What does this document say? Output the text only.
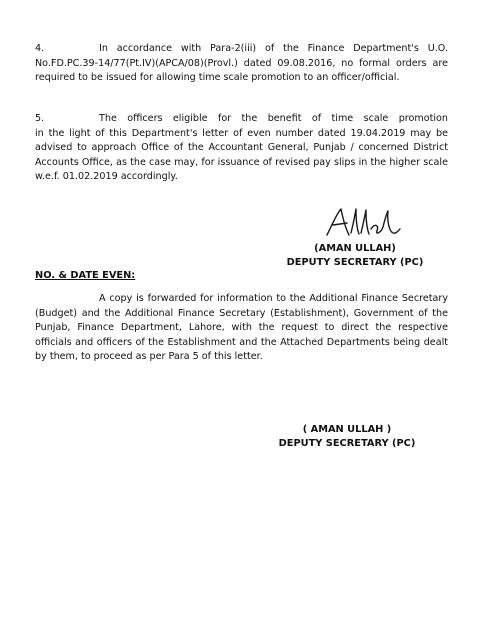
4.	In accordance with Para-2(iii) of the Finance Department's U.O.
No.FD.PC.39-14/77(Pt.IV)(APCA/08)(Provl.) dated 09.08.2016, no formal orders are required to be issued for allowing time scale promotion to an officer/official.
5.	The officers eligible for the benefit of time scale promotion
in the light of this Department's letter of even number dated 19.04.2019 may be advised to approach Office of the Accountant General, Punjab / concerned District Accounts Office, as the case may, for issuance of revised pay slips in the higher scale w.e.f. 01.02.2019 accordingly.
(AMAN ULLAH)
DEPUTY SECRETARY (PC)
NO. & DATE EVEN:
A copy is forwarded for information to the Additional Finance Secretary (Budget) and the Additional Finance Secretary (Establishment), Government of the Punjab, Finance Department, Lahore, with the request to direct the respective officials and officers of the Establishment and the Attached Departments being dealt by them, to proceed as per Para 5 of this letter.
( AMAN ULLAH )
DEPUTY SECRETARY (PC)
